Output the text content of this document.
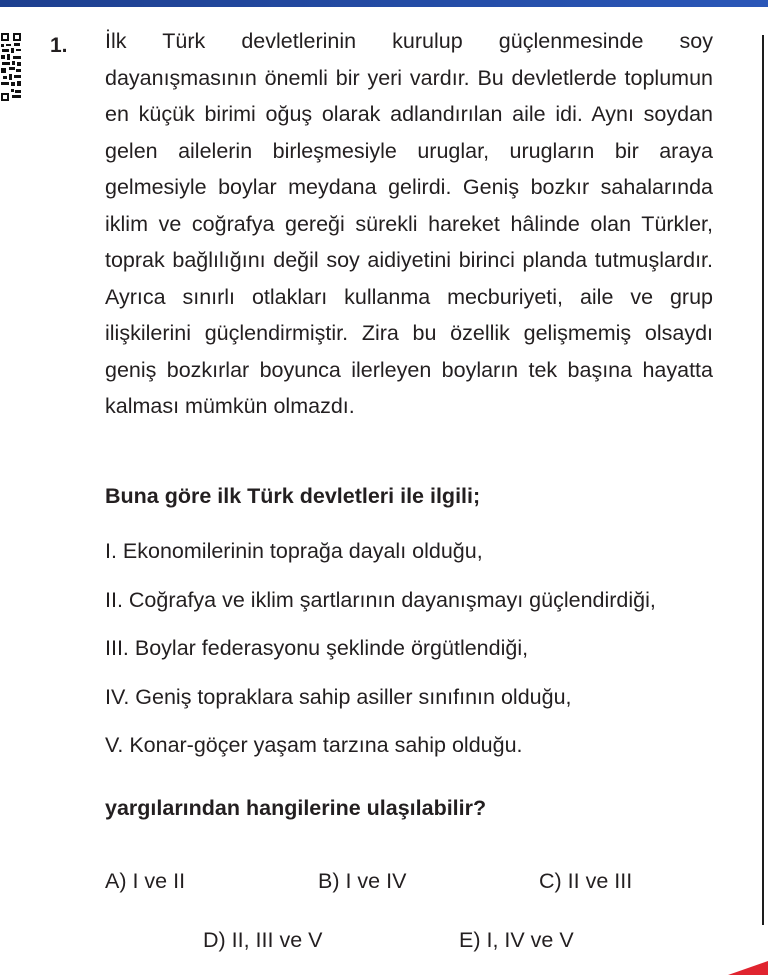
1. İlk Türk devletlerinin kurulup güçlenmesinde soy dayanışmasının önemli bir yeri vardır. Bu devletlerde toplumun en küçük birimi oğuş olarak adlandırılan aile idi. Aynı soydan gelen ailelerin birleşmesiyle uruglar, urugların bir araya gelmesiyle boylar meydana gelirdi. Geniş bozkır sahalarında iklim ve coğrafya gereği sürekli hareket hâlinde olan Türkler, toprak bağlılığını değil soy aidiyetini birinci planda tutmuşlardır. Ayrıca sınırlı otlakları kullanma mecburiyeti, aile ve grup ilişkilerini güçlendirmiştir. Zira bu özellik gelişmemiş olsaydı geniş bozkırlar boyunca ilerleyen boyların tek başına hayatta kalması mümkün olmazdı.

Buna göre ilk Türk devletleri ile ilgili;

I. Ekonomilerinin toprağa dayalı olduğu,
II. Coğrafya ve iklim şartlarının dayanışmayı güçlendirdiği,
III. Boylar federasyonu şeklinde örgütlendiği,
IV. Geniş topraklara sahip asiller sınıfının olduğu,
V. Konar-göçer yaşam tarzına sahip olduğu.

yargılarından hangilerine ulaşılabilir?

A) I ve II	B) I ve IV	C) II ve III
D) II, III ve V	E) I, IV ve V
